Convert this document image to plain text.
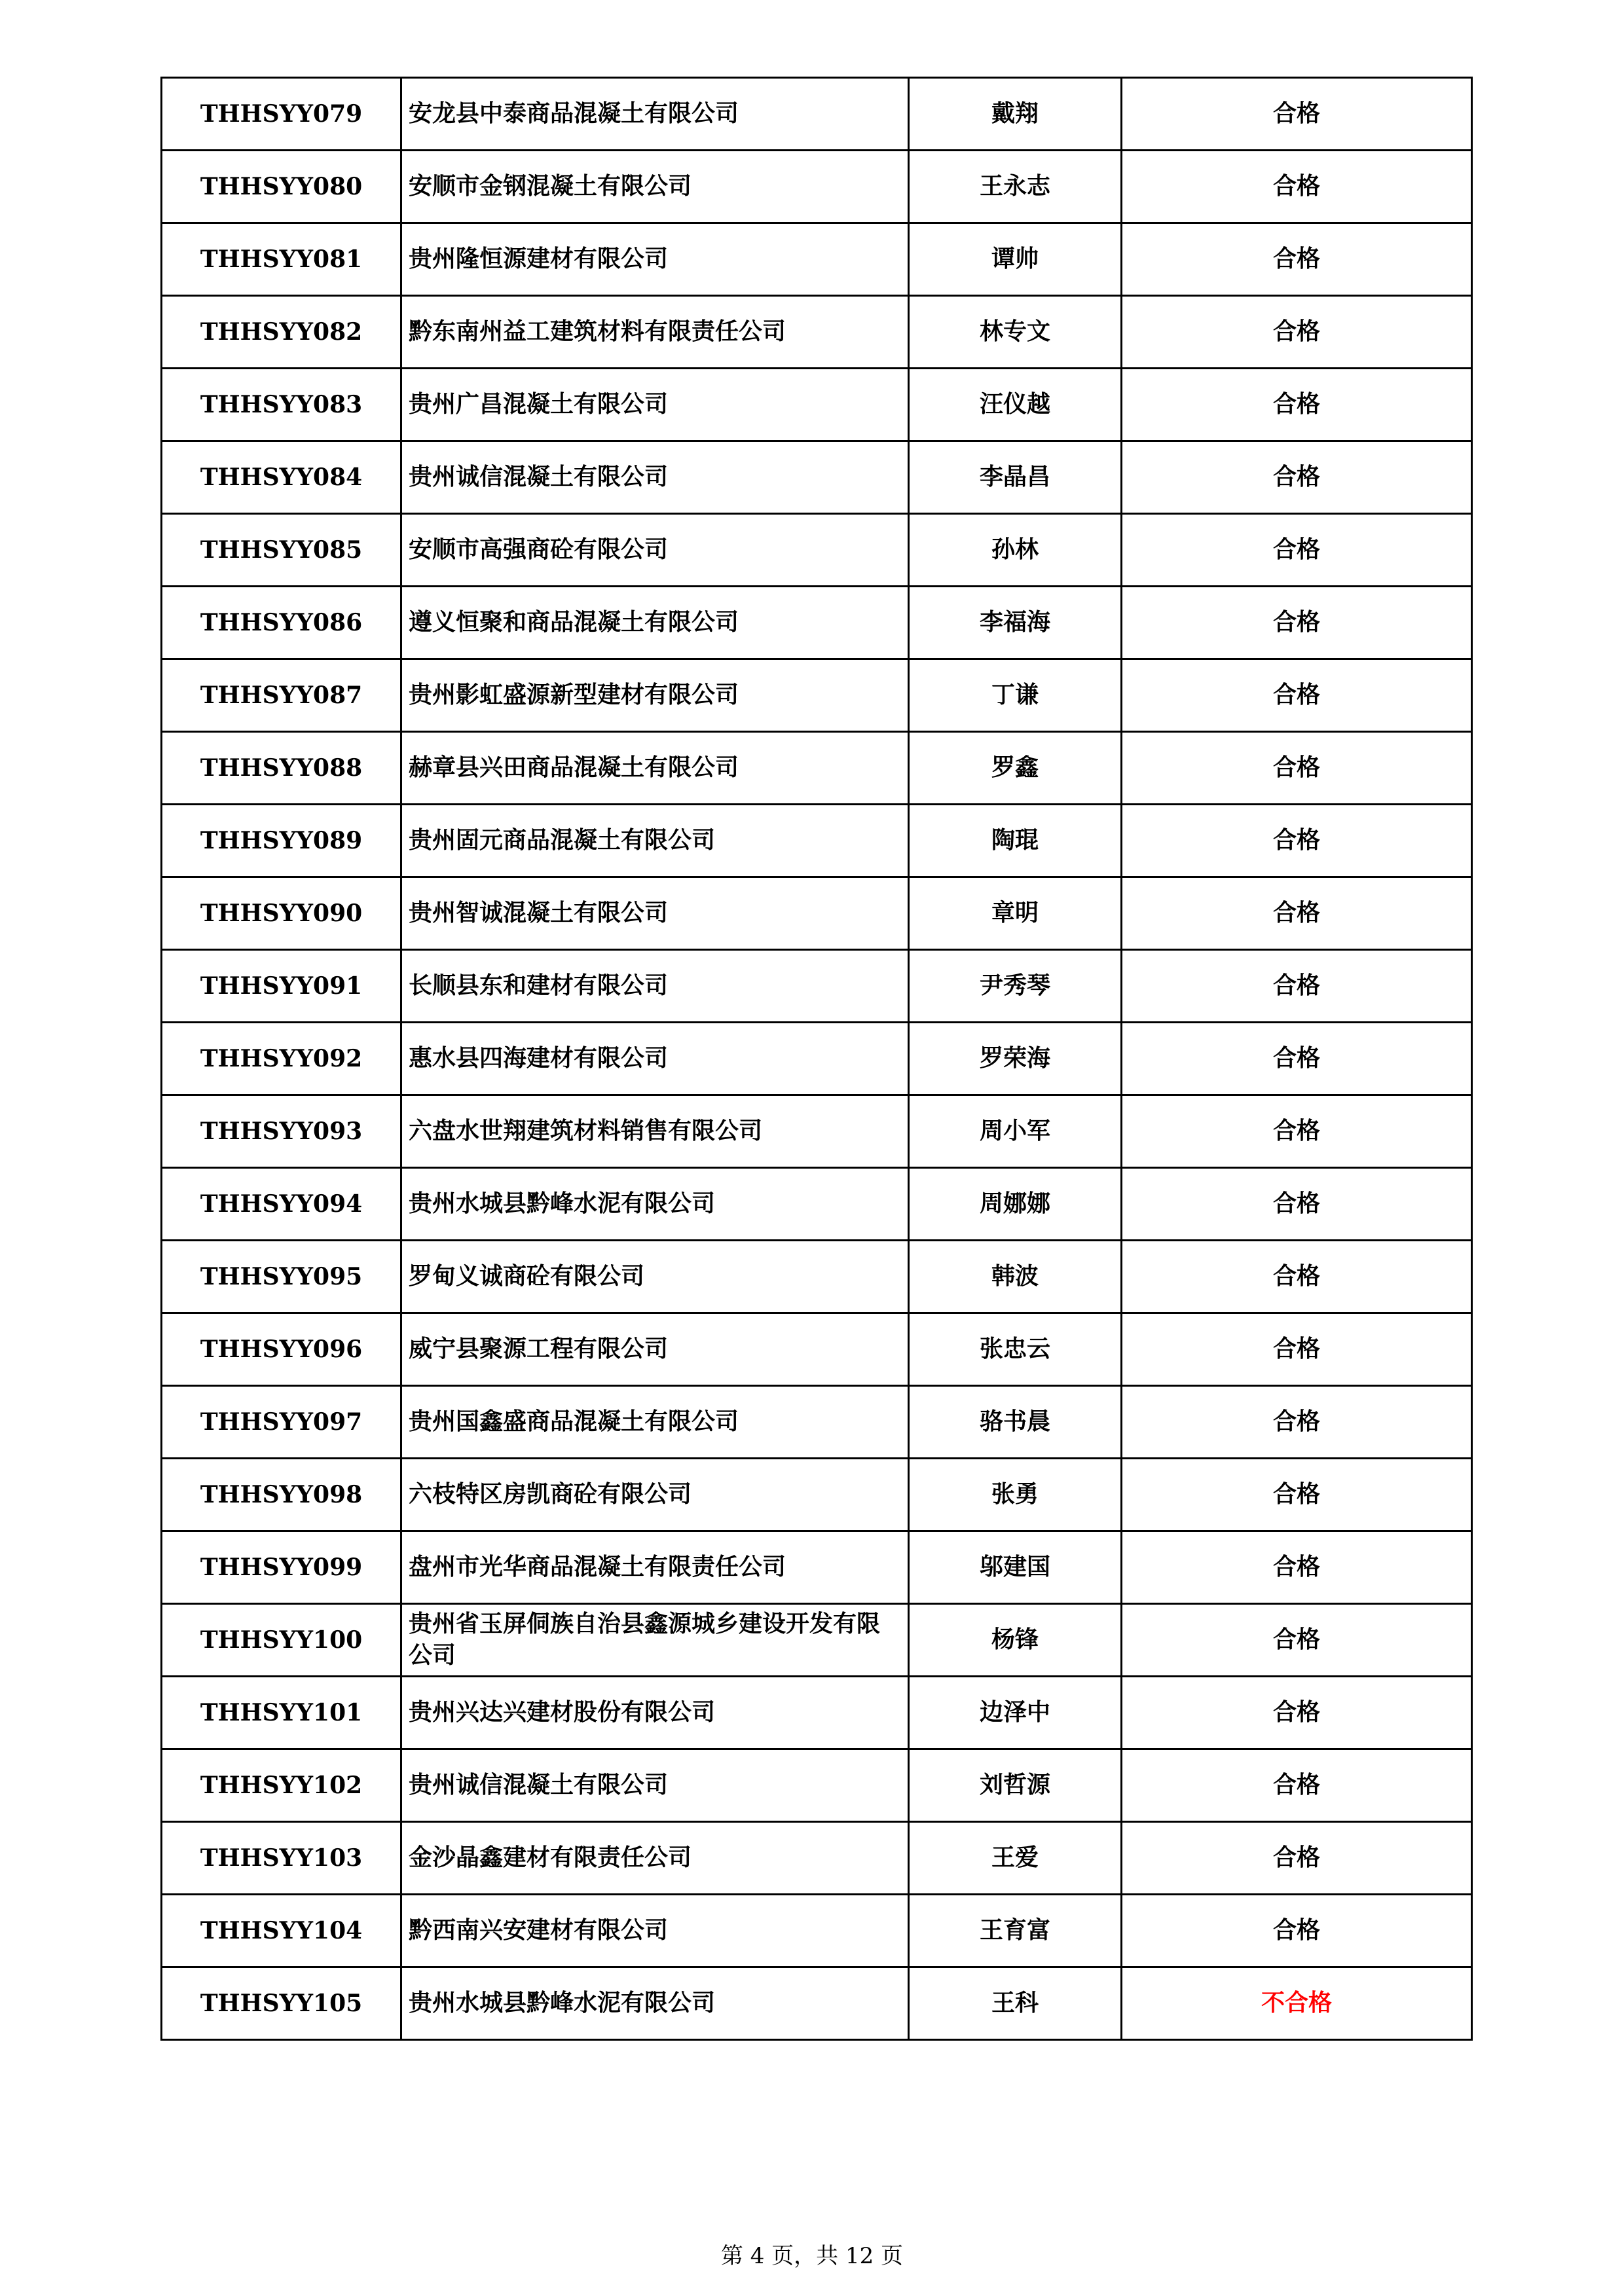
THHSYY079	安龙县中泰商品混凝土有限公司	戴翔	合格
THHSYY080	安顺市金钢混凝土有限公司	王永志	合格
THHSYY081	贵州隆恒源建材有限公司	谭帅	合格
THHSYY082	黔东南州益工建筑材料有限责任公司	林专文	合格
THHSYY083	贵州广昌混凝土有限公司	汪仪越	合格
THHSYY084	贵州诚信混凝土有限公司	李晶昌	合格
THHSYY085	安顺市高强商砼有限公司	孙林	合格
THHSYY086	遵义恒聚和商品混凝土有限公司	李福海	合格
THHSYY087	贵州影虹盛源新型建材有限公司	丁谦	合格
THHSYY088	赫章县兴田商品混凝土有限公司	罗鑫	合格
THHSYY089	贵州固元商品混凝土有限公司	陶琨	合格
THHSYY090	贵州智诚混凝土有限公司	章明	合格
THHSYY091	长顺县东和建材有限公司	尹秀琴	合格
THHSYY092	惠水县四海建材有限公司	罗荣海	合格
THHSYY093	六盘水世翔建筑材料销售有限公司	周小军	合格
THHSYY094	贵州水城县黔峰水泥有限公司	周娜娜	合格
THHSYY095	罗甸义诚商砼有限公司	韩波	合格
THHSYY096	威宁县聚源工程有限公司	张忠云	合格
THHSYY097	贵州国鑫盛商品混凝土有限公司	骆书晨	合格
THHSYY098	六枝特区房凯商砼有限公司	张勇	合格
THHSYY099	盘州市光华商品混凝土有限责任公司	邬建国	合格
THHSYY100	贵州省玉屏侗族自治县鑫源城乡建设开发有限公司	杨锋	合格
THHSYY101	贵州兴达兴建材股份有限公司	边泽中	合格
THHSYY102	贵州诚信混凝土有限公司	刘哲源	合格
THHSYY103	金沙晶鑫建材有限责任公司	王爱	合格
THHSYY104	黔西南兴安建材有限公司	王育富	合格
THHSYY105	贵州水城县黔峰水泥有限公司	王科	不合格
第 4 页，共 12 页
